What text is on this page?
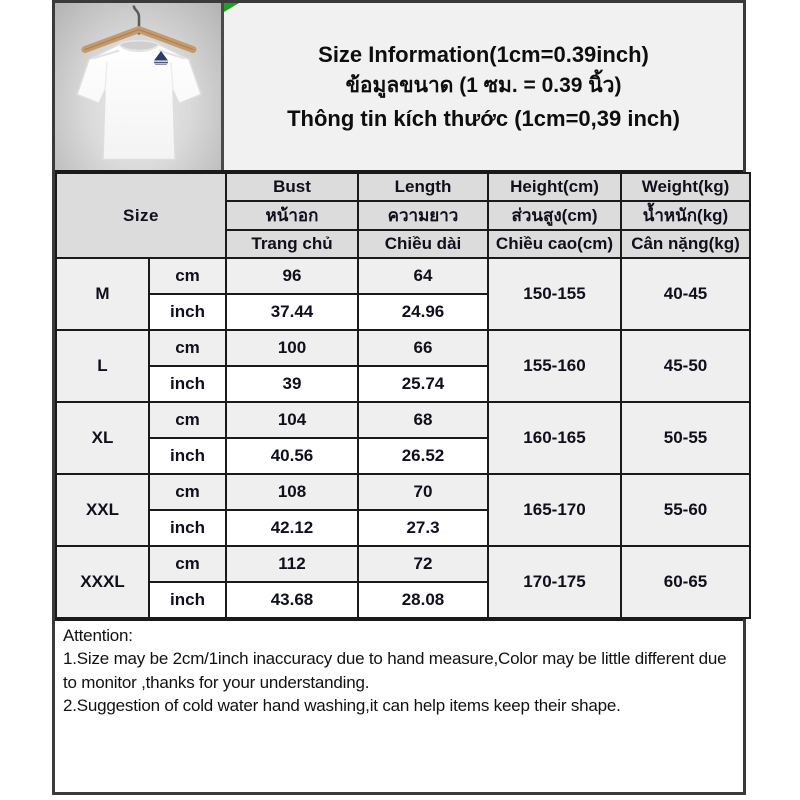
Size Information(1cm=0.39inch)
ข้อมูลขนาด (1 ซม. = 0.39 นิ้ว)
Thông tin kích thước (1cm=0,39 inch)
Size		Bust	Length	Height(cm)	Weight(kg)
		หน้าอก	ความยาว	ส่วนสูง(cm)	น้ำหนัก(kg)
		Trang chủ	Chiều dài	Chiều cao(cm)	Cân nặng(kg)
M	cm	96	64	150-155	40-45
	inch	37.44	24.96		
L	cm	100	66	155-160	45-50
	inch	39	25.74		
XL	cm	104	68	160-165	50-55
	inch	40.56	26.52		
XXL	cm	108	70	165-170	55-60
	inch	42.12	27.3		
XXXL	cm	112	72	170-175	60-65
	inch	43.68	28.08		

Attention:

1.Size may be 2cm/1inch inaccuracy due to hand measure,Color may be little different due to monitor ,thanks for your understanding.

2.Suggestion of cold water hand washing,it can help items keep their shape.
